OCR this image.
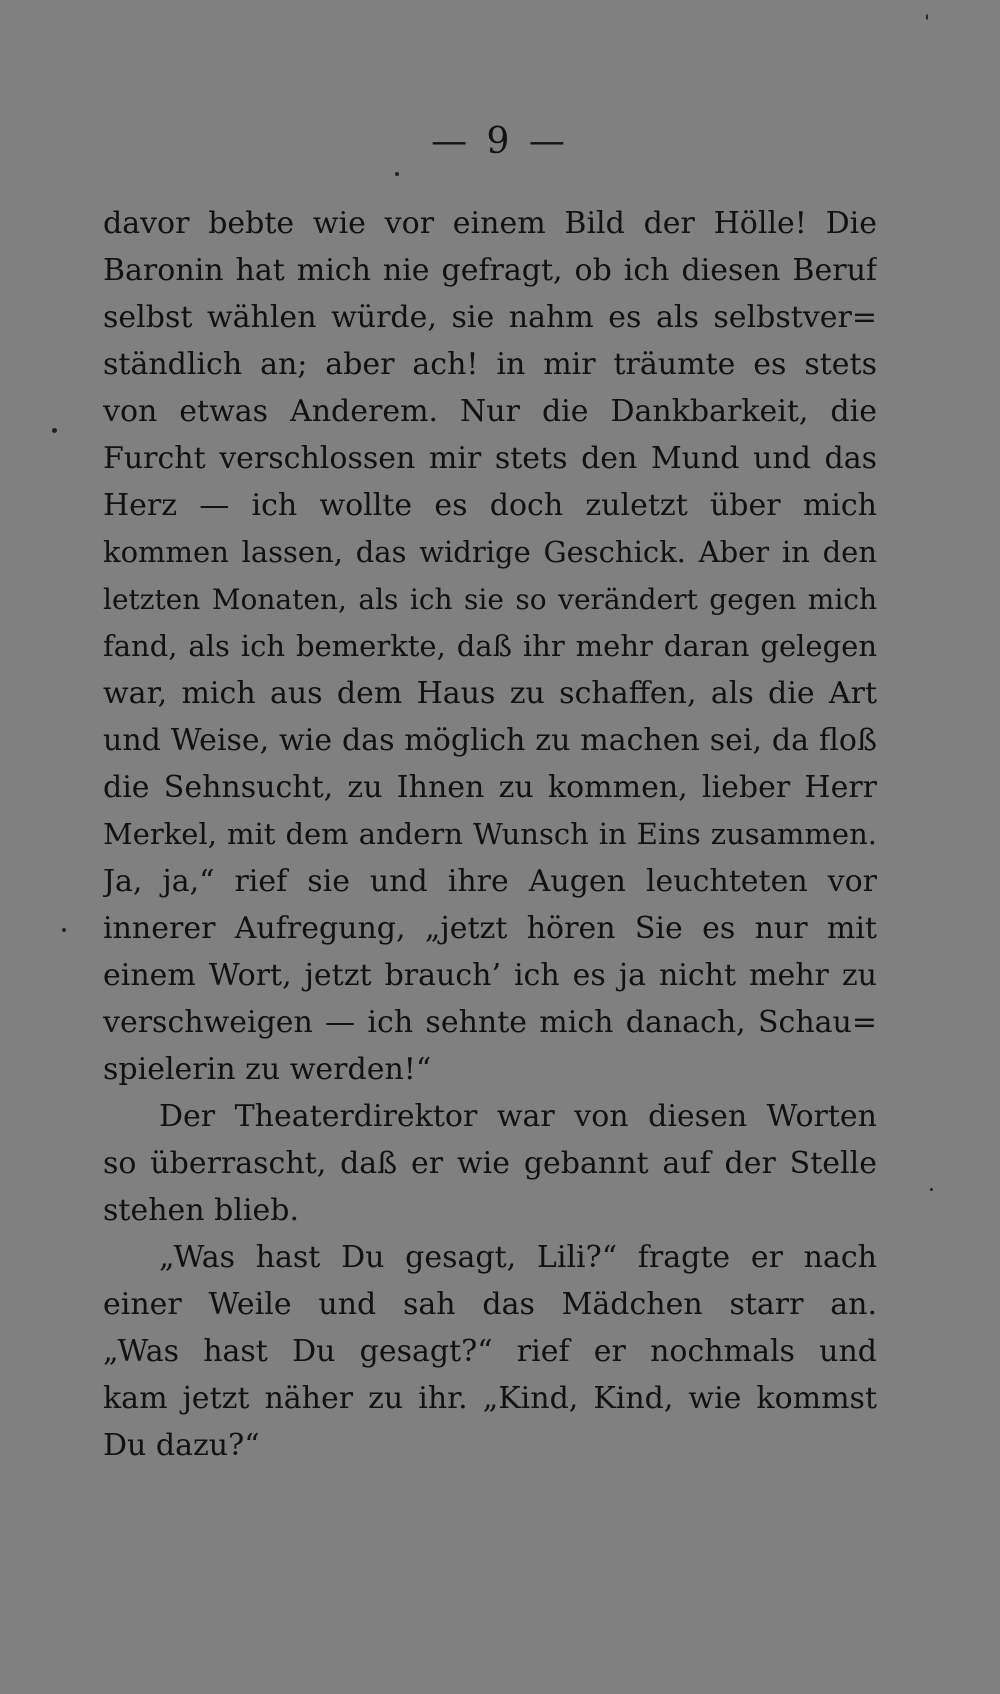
— 9 —
davor bebte wie vor einem Bild der Hölle! Die
Baronin hat mich nie gefragt, ob ich diesen Beruf
selbst wählen würde, sie nahm es als selbstver=
ständlich an; aber ach! in mir träumte es stets
von etwas Anderem. Nur die Dankbarkeit, die
Furcht verschlossen mir stets den Mund und das
Herz — ich wollte es doch zuletzt über mich
kommen lassen, das widrige Geschick. Aber in den
letzten Monaten, als ich sie so verändert gegen mich
fand, als ich bemerkte, daß ihr mehr daran gelegen
war, mich aus dem Haus zu schaffen, als die Art
und Weise, wie das möglich zu machen sei, da floß
die Sehnsucht, zu Ihnen zu kommen, lieber Herr
Merkel, mit dem andern Wunsch in Eins zusammen.
Ja, ja,“ rief sie und ihre Augen leuchteten vor
innerer Aufregung, „jetzt hören Sie es nur mit
einem Wort, jetzt brauch’ ich es ja nicht mehr zu
verschweigen — ich sehnte mich danach, Schau=
spielerin zu werden!“
Der Theaterdirektor war von diesen Worten
so überrascht, daß er wie gebannt auf der Stelle
stehen blieb.
„Was hast Du gesagt, Lili?“ fragte er nach
einer Weile und sah das Mädchen starr an.
„Was hast Du gesagt?“ rief er nochmals und
kam jetzt näher zu ihr. „Kind, Kind, wie kommst
Du dazu?“
